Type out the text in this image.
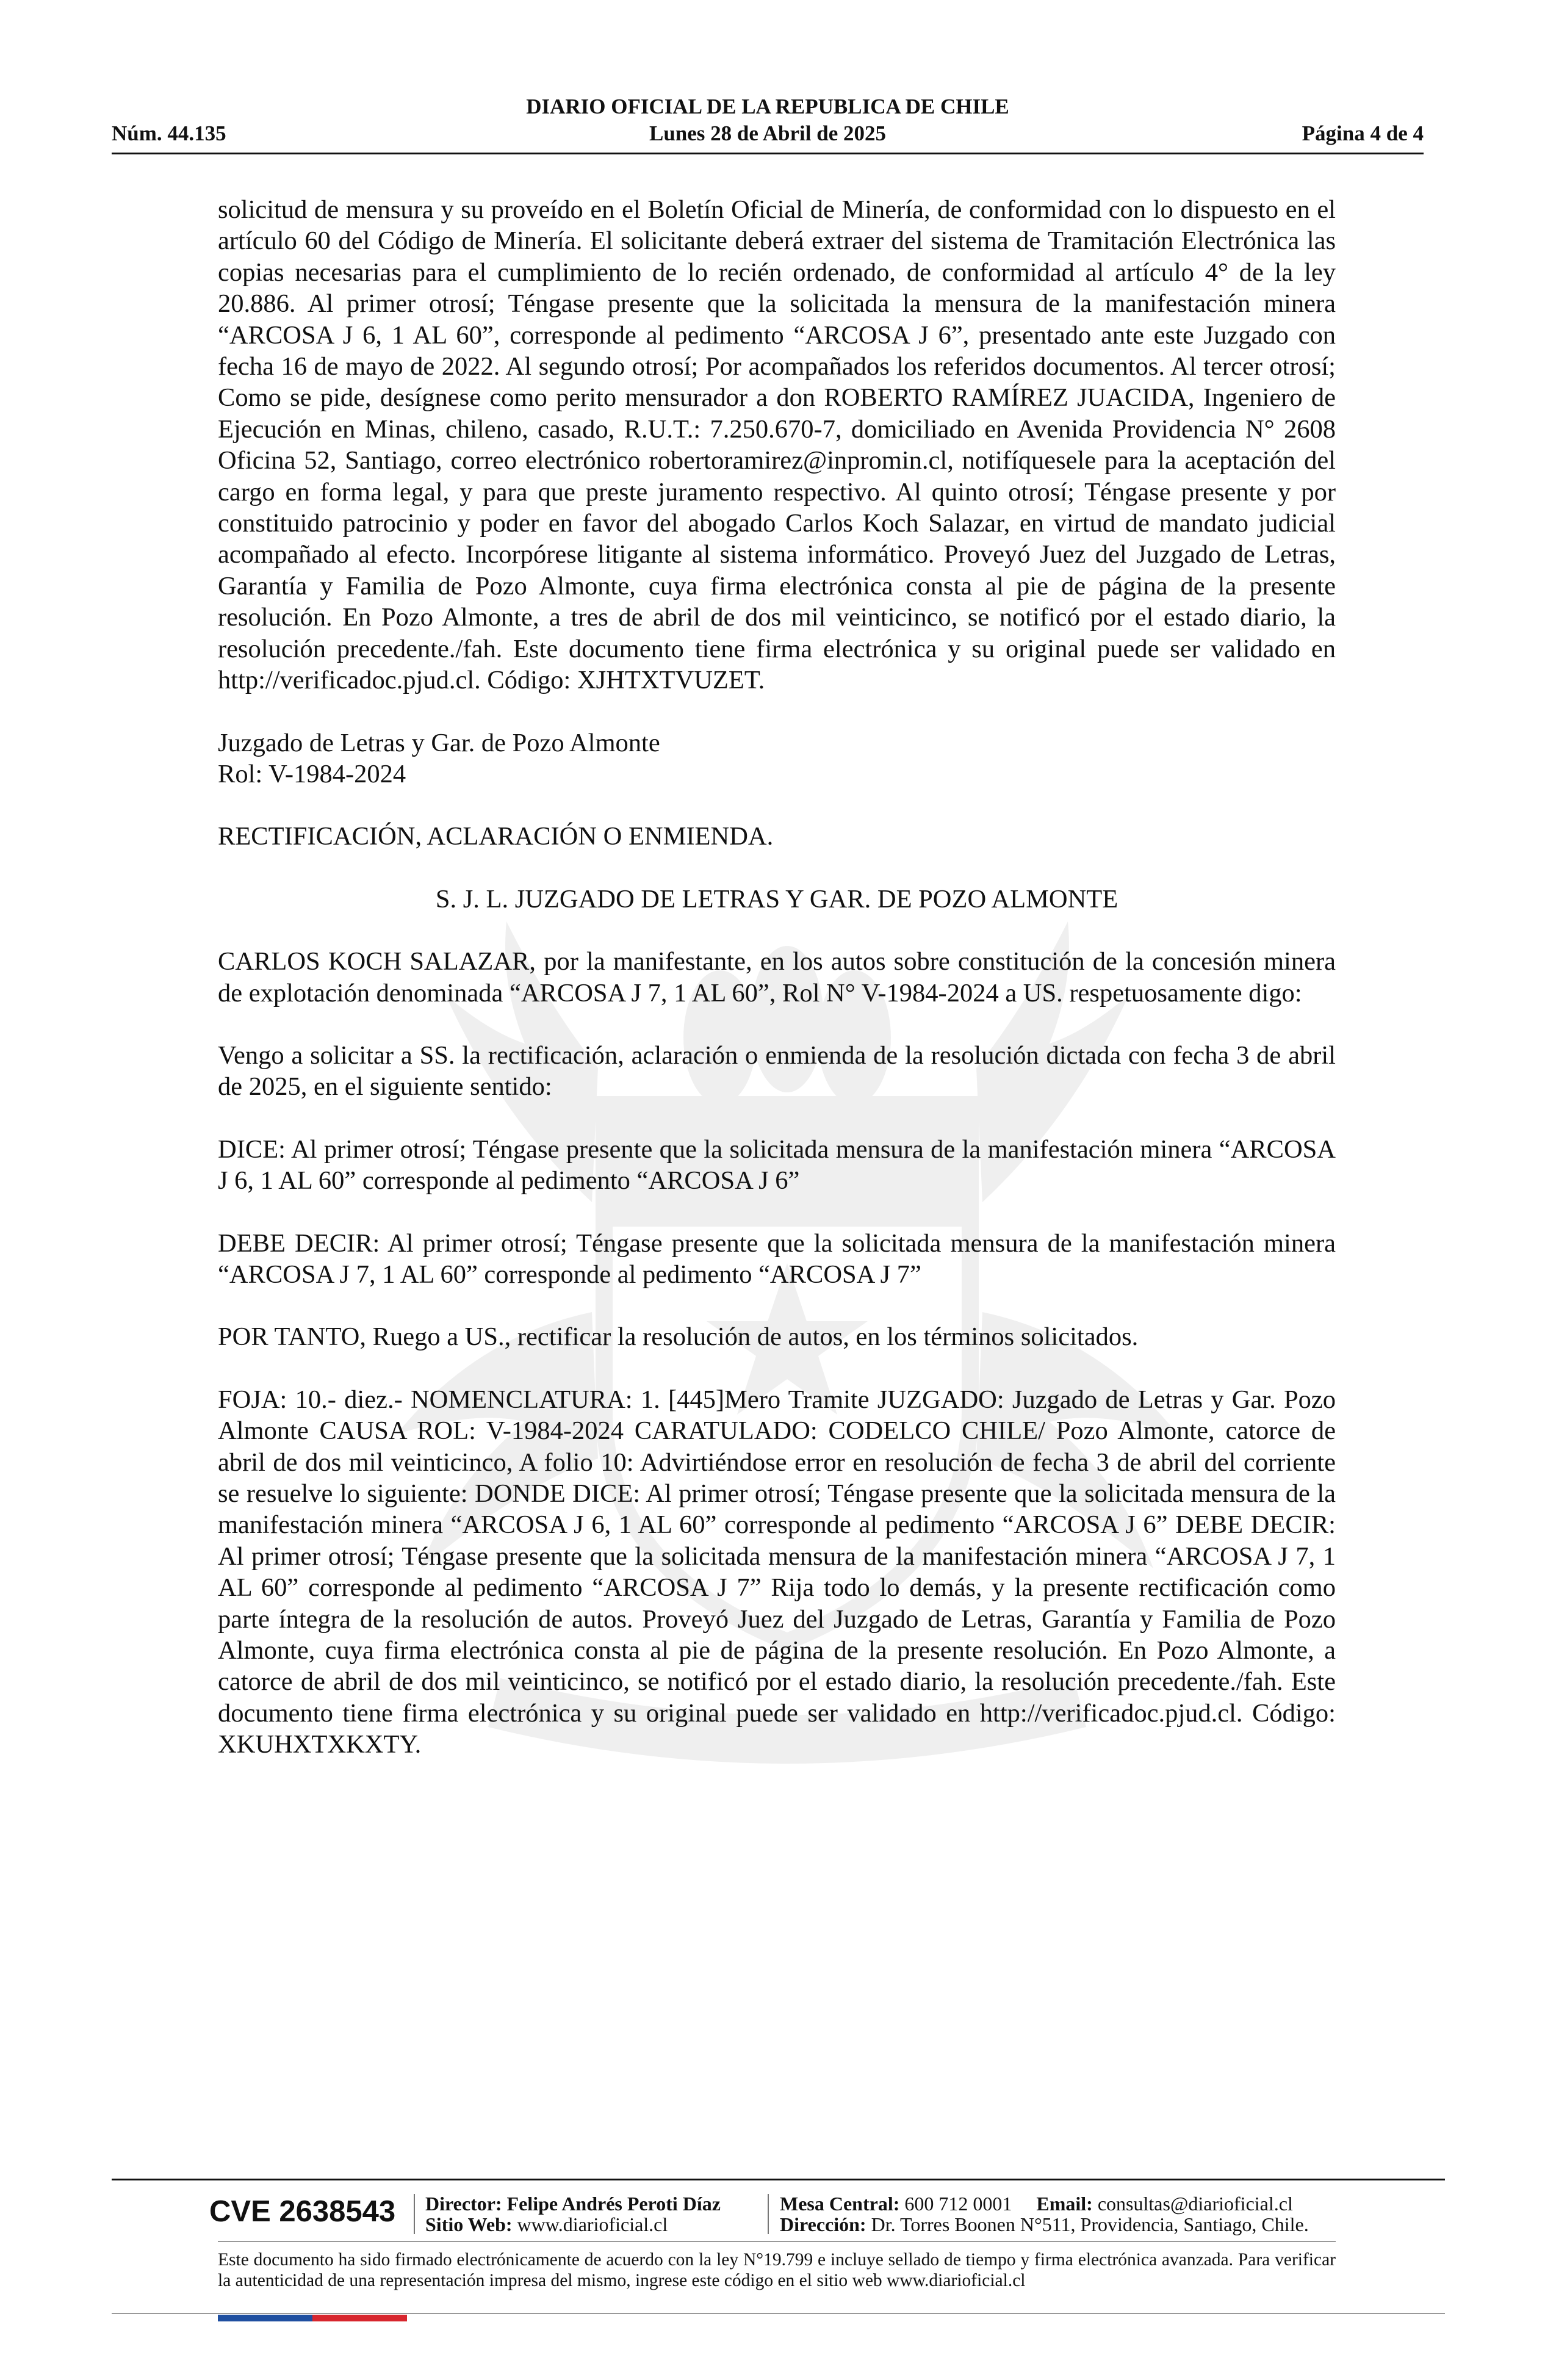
DIARIO OFICIAL DE LA REPUBLICA DE CHILE
Núm. 44.135	Lunes 28 de Abril de 2025	Página 4 de 4

solicitud de mensura y su proveído en el Boletín Oficial de Minería, de conformidad con lo dispuesto en el artículo 60 del Código de Minería. El solicitante deberá extraer del sistema de Tramitación Electrónica las copias necesarias para el cumplimiento de lo recién ordenado, de conformidad al artículo 4° de la ley 20.886. Al primer otrosí; Téngase presente que la solicitada la mensura de la manifestación minera “ARCOSA J 6, 1 AL 60”, corresponde al pedimento “ARCOSA J 6”, presentado ante este Juzgado con fecha 16 de mayo de 2022. Al segundo otrosí; Por acompañados los referidos documentos. Al tercer otrosí; Como se pide, desígnese como perito mensurador a don ROBERTO RAMÍREZ JUACIDA, Ingeniero de Ejecución en Minas, chileno, casado, R.U.T.: 7.250.670-7, domiciliado en Avenida Providencia N° 2608 Oficina 52, Santiago, correo electrónico robertoramirez@inpromin.cl, notifíquesele para la aceptación del cargo en forma legal, y para que preste juramento respectivo. Al quinto otrosí; Téngase presente y por constituido patrocinio y poder en favor del abogado Carlos Koch Salazar, en virtud de mandato judicial acompañado al efecto. Incorpórese litigante al sistema informático. Proveyó Juez del Juzgado de Letras, Garantía y Familia de Pozo Almonte, cuya firma electrónica consta al pie de página de la presente resolución. En Pozo Almonte, a tres de abril de dos mil veinticinco, se notificó por el estado diario, la resolución precedente./fah. Este documento tiene firma electrónica y su original puede ser validado en http://verificadoc.pjud.cl. Código: XJHTXTVUZET.

Juzgado de Letras y Gar. de Pozo Almonte

Rol: V-1984-2024

RECTIFICACIÓN, ACLARACIÓN O ENMIENDA.

S. J. L. JUZGADO DE LETRAS Y GAR. DE POZO ALMONTE

CARLOS KOCH SALAZAR, por la manifestante, en los autos sobre constitución de la concesión minera de explotación denominada “ARCOSA J 7, 1 AL 60”, Rol N° V-1984-2024 a US. respetuosamente digo:

Vengo a solicitar a SS. la rectificación, aclaración o enmienda de la resolución dictada con fecha 3 de abril de 2025, en el siguiente sentido:

DICE: Al primer otrosí; Téngase presente que la solicitada mensura de la manifestación minera “ARCOSA J 6, 1 AL 60” corresponde al pedimento “ARCOSA J 6”

DEBE DECIR: Al primer otrosí; Téngase presente que la solicitada mensura de la manifestación minera “ARCOSA J 7, 1 AL 60” corresponde al pedimento “ARCOSA J 7”

POR TANTO, Ruego a US., rectificar la resolución de autos, en los términos solicitados.

FOJA: 10.- diez.- NOMENCLATURA: 1. [445]Mero Tramite JUZGADO: Juzgado de Letras y Gar. Pozo Almonte CAUSA ROL: V-1984-2024 CARATULADO: CODELCO CHILE/ Pozo Almonte, catorce de abril de dos mil veinticinco, A folio 10: Advirtiéndose error en resolución de fecha 3 de abril del corriente se resuelve lo siguiente: DONDE DICE: Al primer otrosí; Téngase presente que la solicitada mensura de la manifestación minera “ARCOSA J 6, 1 AL 60” corresponde al pedimento “ARCOSA J 6” DEBE DECIR: Al primer otrosí; Téngase presente que la solicitada mensura de la manifestación minera “ARCOSA J 7, 1 AL 60” corresponde al pedimento “ARCOSA J 7” Rija todo lo demás, y la presente rectificación como parte íntegra de la resolución de autos. Proveyó Juez del Juzgado de Letras, Garantía y Familia de Pozo Almonte, cuya firma electrónica consta al pie de página de la presente resolución. En Pozo Almonte, a catorce de abril de dos mil veinticinco, se notificó por el estado diario, la resolución precedente./fah. Este documento tiene firma electrónica y su original puede ser validado en http://verificadoc.pjud.cl. Código: XKUHXTXKXTY.

CVE 2638543 Director: Felipe Andrés Peroti Díaz
Sitio Web: www.diarioficial.cl
Mesa Central: 600 712 0001 Email: consultas@diarioficial.cl
Dirección: Dr. Torres Boonen N°511, Providencia, Santiago, Chile.
Este documento ha sido firmado electrónicamente de acuerdo con la ley N°19.799 e incluye sellado de tiempo y firma electrónica avanzada. Para verificar la autenticidad de una representación impresa del mismo, ingrese este código en el sitio web www.diarioficial.cl
